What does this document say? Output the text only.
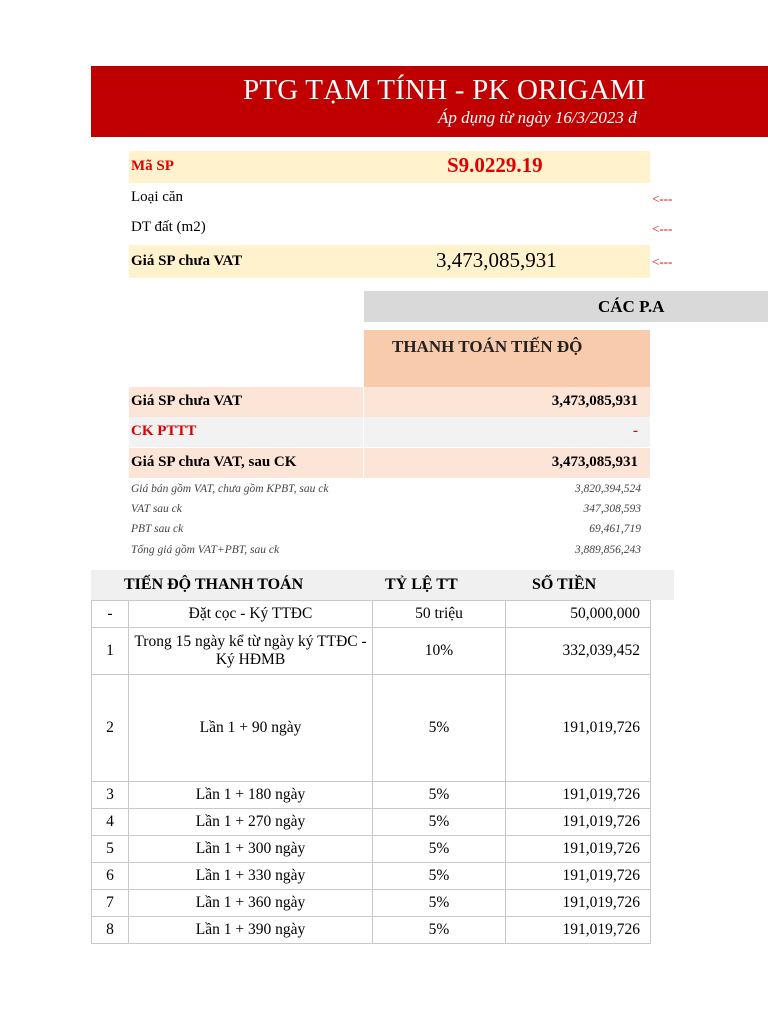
PTG TẠM TÍNH - PK ORIGAMI
Áp dụng từ ngày 16/3/2023 đ
Mã SP	S9.0229.19
Loại căn	<---
DT đất (m2)	<---
Giá SP chưa VAT	3,473,085,931	<---
CÁC P.A
THANH TOÁN TIẾN ĐỘ
Giá SP chưa VAT	3,473,085,931
CK PTTT	-
Giá SP chưa VAT, sau CK	3,473,085,931
Giá bán gồm VAT, chưa gồm KPBT, sau ck	3,820,394,524
VAT sau ck	347,308,593
PBT sau ck	69,461,719
Tổng giá gồm VAT+PBT, sau ck	3,889,856,243
TIẾN ĐỘ THANH TOÁN	TỶ LỆ TT	SỐ TIỀN
-	Đặt cọc - Ký TTĐC	50 triệu	50,000,000
1	Trong 15 ngày kể từ ngày ký TTĐC - Ký HĐMB	10%	332,039,452
2	Lần 1 + 90 ngày	5%	191,019,726
3	Lần 1 + 180 ngày	5%	191,019,726
4	Lần 1 + 270 ngày	5%	191,019,726
5	Lần 1 + 300 ngày	5%	191,019,726
6	Lần 1 + 330 ngày	5%	191,019,726
7	Lần 1 + 360 ngày	5%	191,019,726
8	Lần 1 + 390 ngày	5%	191,019,726
